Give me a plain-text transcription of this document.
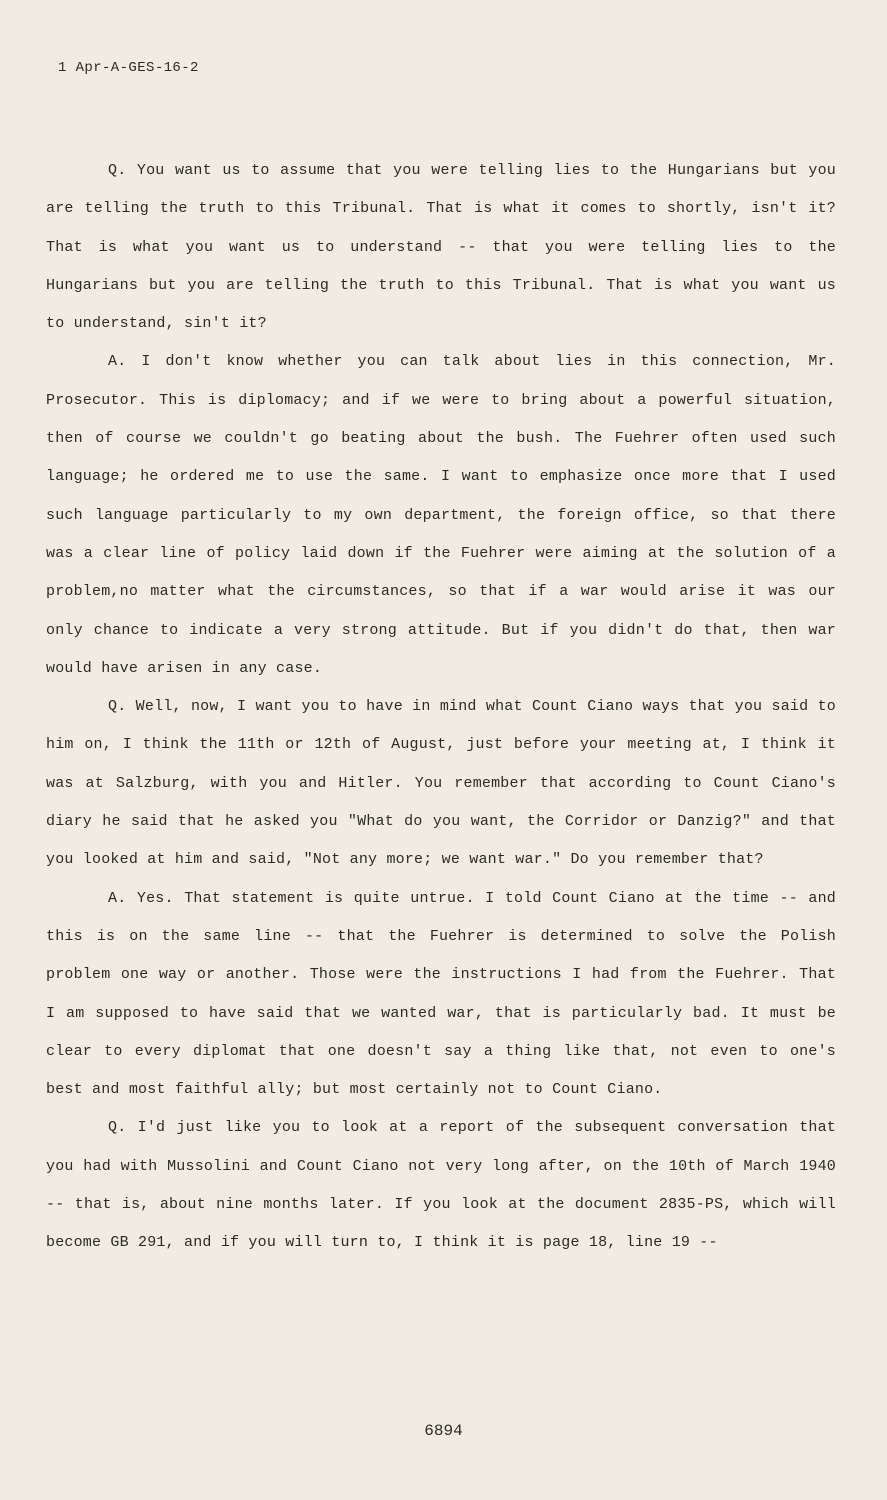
1 Apr-A-GES-16-2

Q. You want us to assume that you were telling lies to the Hungarians but you are telling the truth to this Tribunal. That is what it comes to shortly, isn't it? That is what you want us to understand -- that you were telling lies to the Hungarians but you are telling the truth to this Tribunal. That is what you want us to understand, sin't it?

A. I don't know whether you can talk about lies in this connection, Mr. Prosecutor. This is diplomacy; and if we were to bring about a powerful situation, then of course we couldn't go beating about the bush. The Fuehrer often used such language; he ordered me to use the same. I want to emphasize once more that I used such language particularly to my own department, the foreign office, so that there was a clear line of policy laid down if the Fuehrer were aiming at the solution of a problem,no matter what the circumstances, so that if a war would arise it was our only chance to indicate a very strong attitude. But if you didn't do that, then war would have arisen in any case.

Q. Well, now, I want you to have in mind what Count Ciano ways that you said to him on, I think the 11th or 12th of August, just before your meeting at, I think it was at Salzburg, with you and Hitler. You remember that according to Count Ciano's diary he said that he asked you "What do you want, the Corridor or Danzig?" and that you looked at him and said, "Not any more; we want war." Do you remember that?

A. Yes. That statement is quite untrue. I told Count Ciano at the time -- and this is on the same line -- that the Fuehrer is determined to solve the Polish problem one way or another. Those were the instructions I had from the Fuehrer. That I am supposed to have said that we wanted war, that is particularly bad. It must be clear to every diplomat that one doesn't say a thing like that, not even to one's best and most faithful ally; but most certainly not to Count Ciano.

Q. I'd just like you to look at a report of the subsequent conversation that you had with Mussolini and Count Ciano not very long after, on the 10th of March 1940 -- that is, about nine months later. If you look at the document 2835-PS, which will become GB 291, and if you will turn to, I think it is page 18, line 19 --

6894
